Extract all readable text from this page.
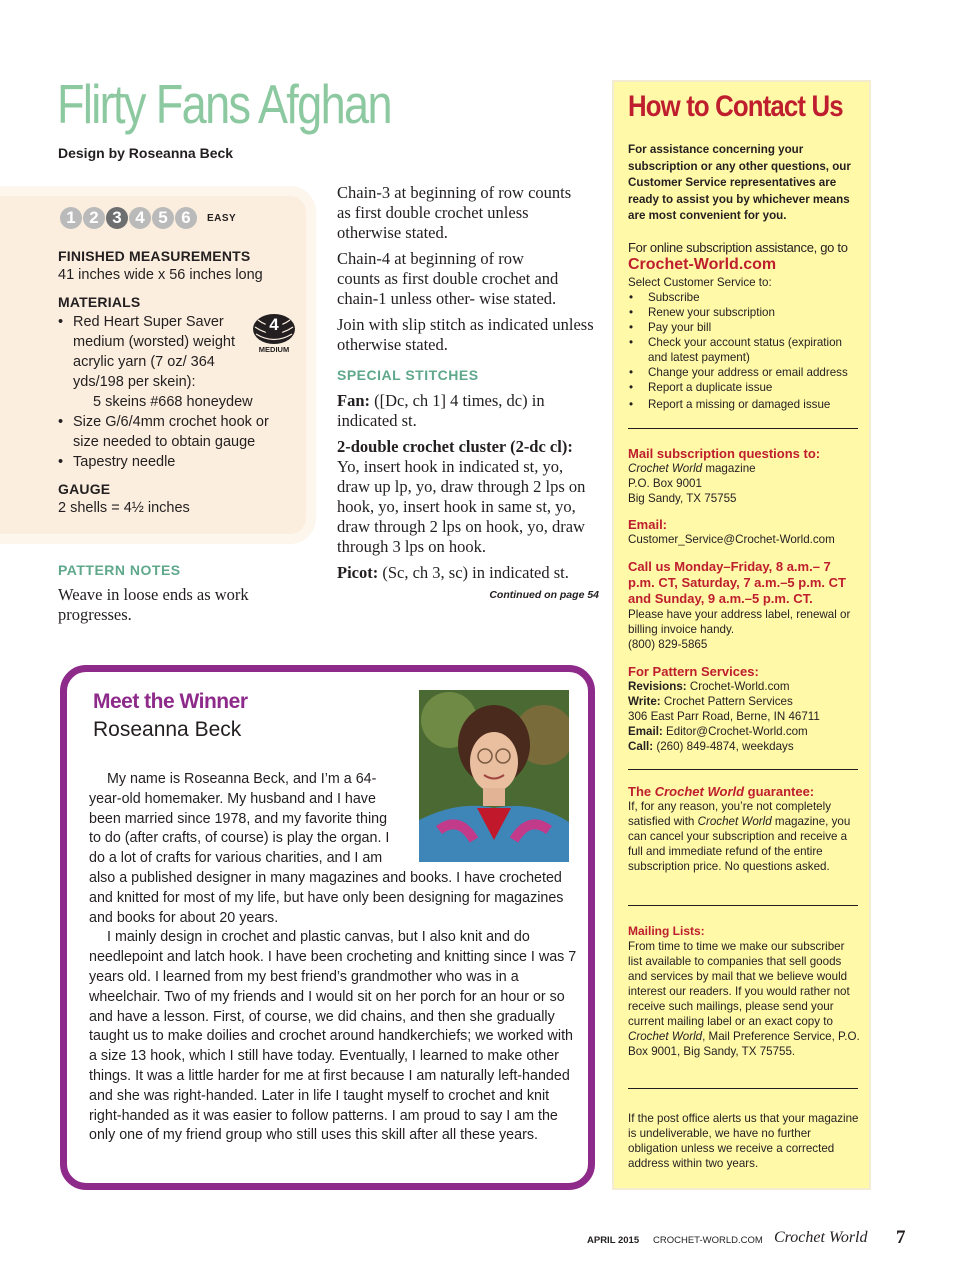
Flirty Fans Afghan
Design by Roseanna Beck
1 2 3 4 5 6	EASY
FINISHED MEASUREMENTS
41 inches wide x 56 inches long
MATERIALS
• Red Heart Super Saver medium (worsted) weight acrylic yarn (7 oz/ 364 yds/198 per skein):
5 skeins #668 honeydew
• Size G/6/4mm crochet hook or size needed to obtain gauge
• Tapestry needle
4
MEDIUM
GAUGE
2 shells = 4½ inches
PATTERN NOTES
Weave in loose ends as work progresses.

Chain-3 at beginning of row counts as first double crochet unless otherwise stated.

Chain-4 at beginning of row counts as first double crochet and chain-1 unless other- wise stated.

Join with slip stitch as indicated unless otherwise stated.

SPECIAL STITCHES

Fan: ([Dc, ch 1] 4 times, dc) in indicated st.

2-double crochet cluster (2-dc cl): Yo, insert hook in indicated st, yo, draw up lp, yo, draw through 2 lps on hook, yo, insert hook in same st, yo, draw through 2 lps on hook, yo, draw through 3 lps on hook.

Picot: (Sc, ch 3, sc) in indicated st.

Continued on page 54
Meet the Winner
Roseanna Beck

My name is Roseanna Beck, and I’m a 64-year-old homemaker. My husband and I have been married since 1978, and my favorite thing to do (after crafts, of course) is play the organ. I do a lot of crafts for various charities, and I am also a published designer in many magazines and books. I have crocheted and knitted for most of my life, but have only been designing for magazines and books for about 20 years.

I mainly design in crochet and plastic canvas, but I also knit and do needlepoint and latch hook. I have been crocheting and knitting since I was 7 years old. I learned from my best friend’s grandmother who was in a wheelchair. Two of my friends and I would sit on her porch for an hour or so and have a lesson. First, of course, we did chains, and then she gradually taught us to make doilies and crochet around handkerchiefs; we worked with a size 13 hook, which I still have today. Eventually, I learned to make other things. It was a little harder for me at first because I am naturally left-handed and she was right-handed. Later in life I taught myself to crochet and knit right-handed as it was easier to follow patterns. I am proud to say I am the only one of my friend group who still uses this skill after all these years.

How to Contact Us
For assistance concerning your subscription or any other questions, our Customer Service representatives are ready to assist you by whichever means are most convenient for you.
For online subscription assistance, go to
Crochet-World.com
Select Customer Service to:
• Subscribe
• Renew your subscription
• Pay your bill
• Check your account status (expiration and latest payment)
• Change your address or email address
• Report a duplicate issue
• Report a missing or damaged issue
Mail subscription questions to:
Crochet World magazine
P.O. Box 9001
Big Sandy, TX 75755
Email:
Customer_Service@Crochet-World.com
Call us Monday–Friday, 8 a.m.– 7 p.m. CT, Saturday, 7 a.m.–5 p.m. CT and Sunday, 9 a.m.–5 p.m. CT.
Please have your address label, renewal or billing invoice handy.
(800) 829-5865
For Pattern Services:
Revisions: Crochet-World.com
Write: Crochet Pattern Services
306 East Parr Road, Berne, IN 46711
Email: Editor@Crochet-World.com
Call: (260) 849-4874, weekdays
The Crochet World guarantee:
If, for any reason, you’re not completely satisfied with Crochet World magazine, you can cancel your subscription and receive a full and immediate refund of the entire subscription price. No questions asked.
Mailing Lists:
From time to time we make our subscriber list available to companies that sell goods and services by mail that we believe would interest our readers. If you would rather not receive such mailings, please send your current mailing label or an exact copy to Crochet World, Mail Preference Service, P.O. Box 9001, Big Sandy, TX 75755.
If the post office alerts us that your magazine is undeliverable, we have no further obligation unless we receive a corrected address within two years.
APRIL 2015 CROCHET-WORLD.COM Crochet World 7
